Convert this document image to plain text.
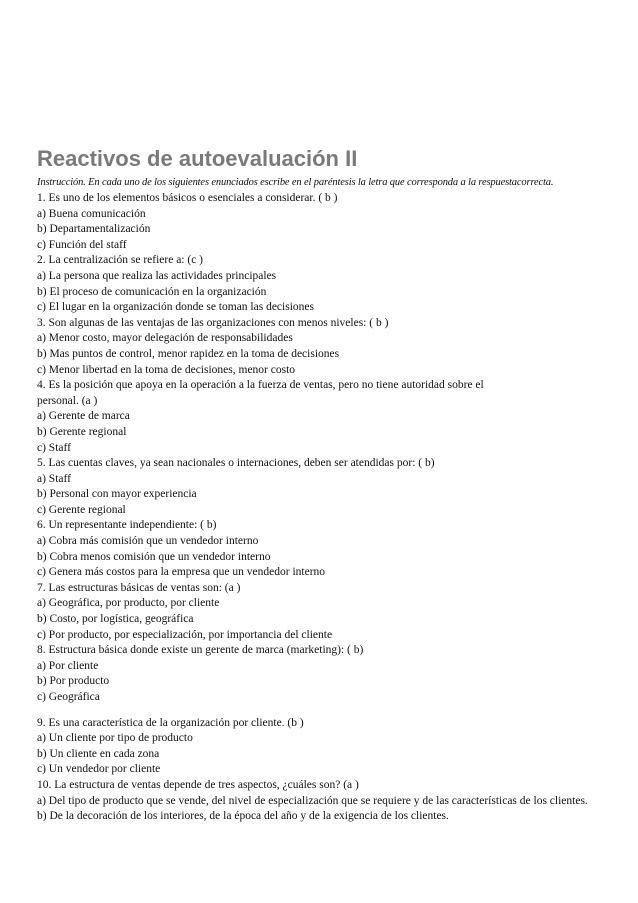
Reactivos de autoevaluación II
Instrucción. En cada uno de los siguientes enunciados escribe en el paréntesis la letra que corresponda a la respuestacorrecta.
1. Es uno de los elementos básicos o esenciales a considerar. ( b )
a) Buena comunicación
b) Departamentalización
c) Función del staff
2. La centralización se refiere a: (c )
a) La persona que realiza las actividades principales
b) El proceso de comunicación en la organización
c) El lugar en la organización donde se toman las decisiones
3. Son algunas de las ventajas de las organizaciones con menos niveles: ( b )
a) Menor costo, mayor delegación de responsabilidades
b) Mas puntos de control, menor rapidez en la toma de decisiones
c) Menor libertad en la toma de decisiones, menor costo
4. Es la posición que apoya en la operación a la fuerza de ventas, pero no tiene autoridad sobre el
personal. (a )
a) Gerente de marca
b) Gerente regional
c) Staff
5. Las cuentas claves, ya sean nacionales o internaciones, deben ser atendidas por: ( b)
a) Staff
b) Personal con mayor experiencia
c) Gerente regional
6. Un representante independiente: ( b)
a) Cobra más comisión que un vendedor interno
b) Cobra menos comisión que un vendedor interno
c) Genera más costos para la empresa que un vendedor interno
7. Las estructuras básicas de ventas son: (a )
a) Geográfica, por producto, por cliente
b) Costo, por logística, geográfica
c) Por producto, por especialización, por importancia del cliente
8. Estructura básica donde existe un gerente de marca (marketing): ( b)
a) Por cliente
b) Por producto
c) Geográfica
9. Es una característica de la organización por cliente. (b )
a) Un cliente por tipo de producto
b) Un cliente en cada zona
c) Un vendedor por cliente
10. La estructura de ventas depende de tres aspectos, ¿cuáles son? (a )
a) Del tipo de producto que se vende, del nivel de especialización que se requiere y de las características de los clientes.
b) De la decoración de los interiores, de la época del año y de la exigencia de los clientes.
